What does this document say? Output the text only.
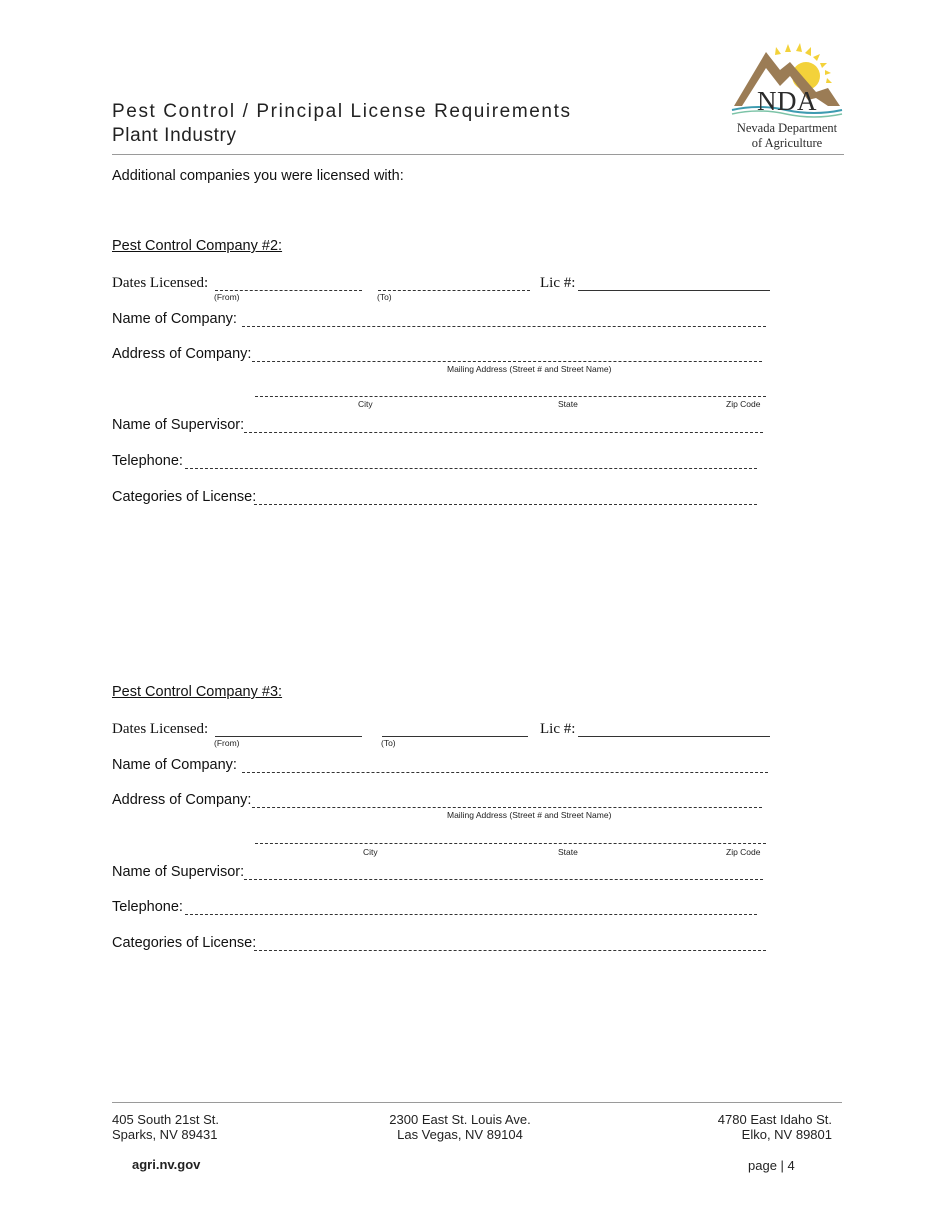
Pest Control / Principal License Requirements
Plant Industry
NDA
Nevada Department
of Agriculture
Additional companies you were licensed with:
Pest Control Company #2:
Dates Licensed:
(From)	(To)
Lic #:
Name of Company:
Address of Company:
Mailing Address (Street # and Street Name)
City	State	Zip Code
Name of Supervisor:
Telephone:
Categories of License:
Pest Control Company #3:
Dates Licensed:
(From)	(To)
Lic #:
Name of Company:
Address of Company:
Mailing Address (Street # and Street Name)
City	State	Zip Code
Name of Supervisor:
Telephone:
Categories of License:
405 South 21st St.
Sparks, NV 89431
2300 East St. Louis Ave.
Las Vegas, NV 89104
4780 East Idaho St.
Elko, NV 89801
agri.nv.gov	page | 4
